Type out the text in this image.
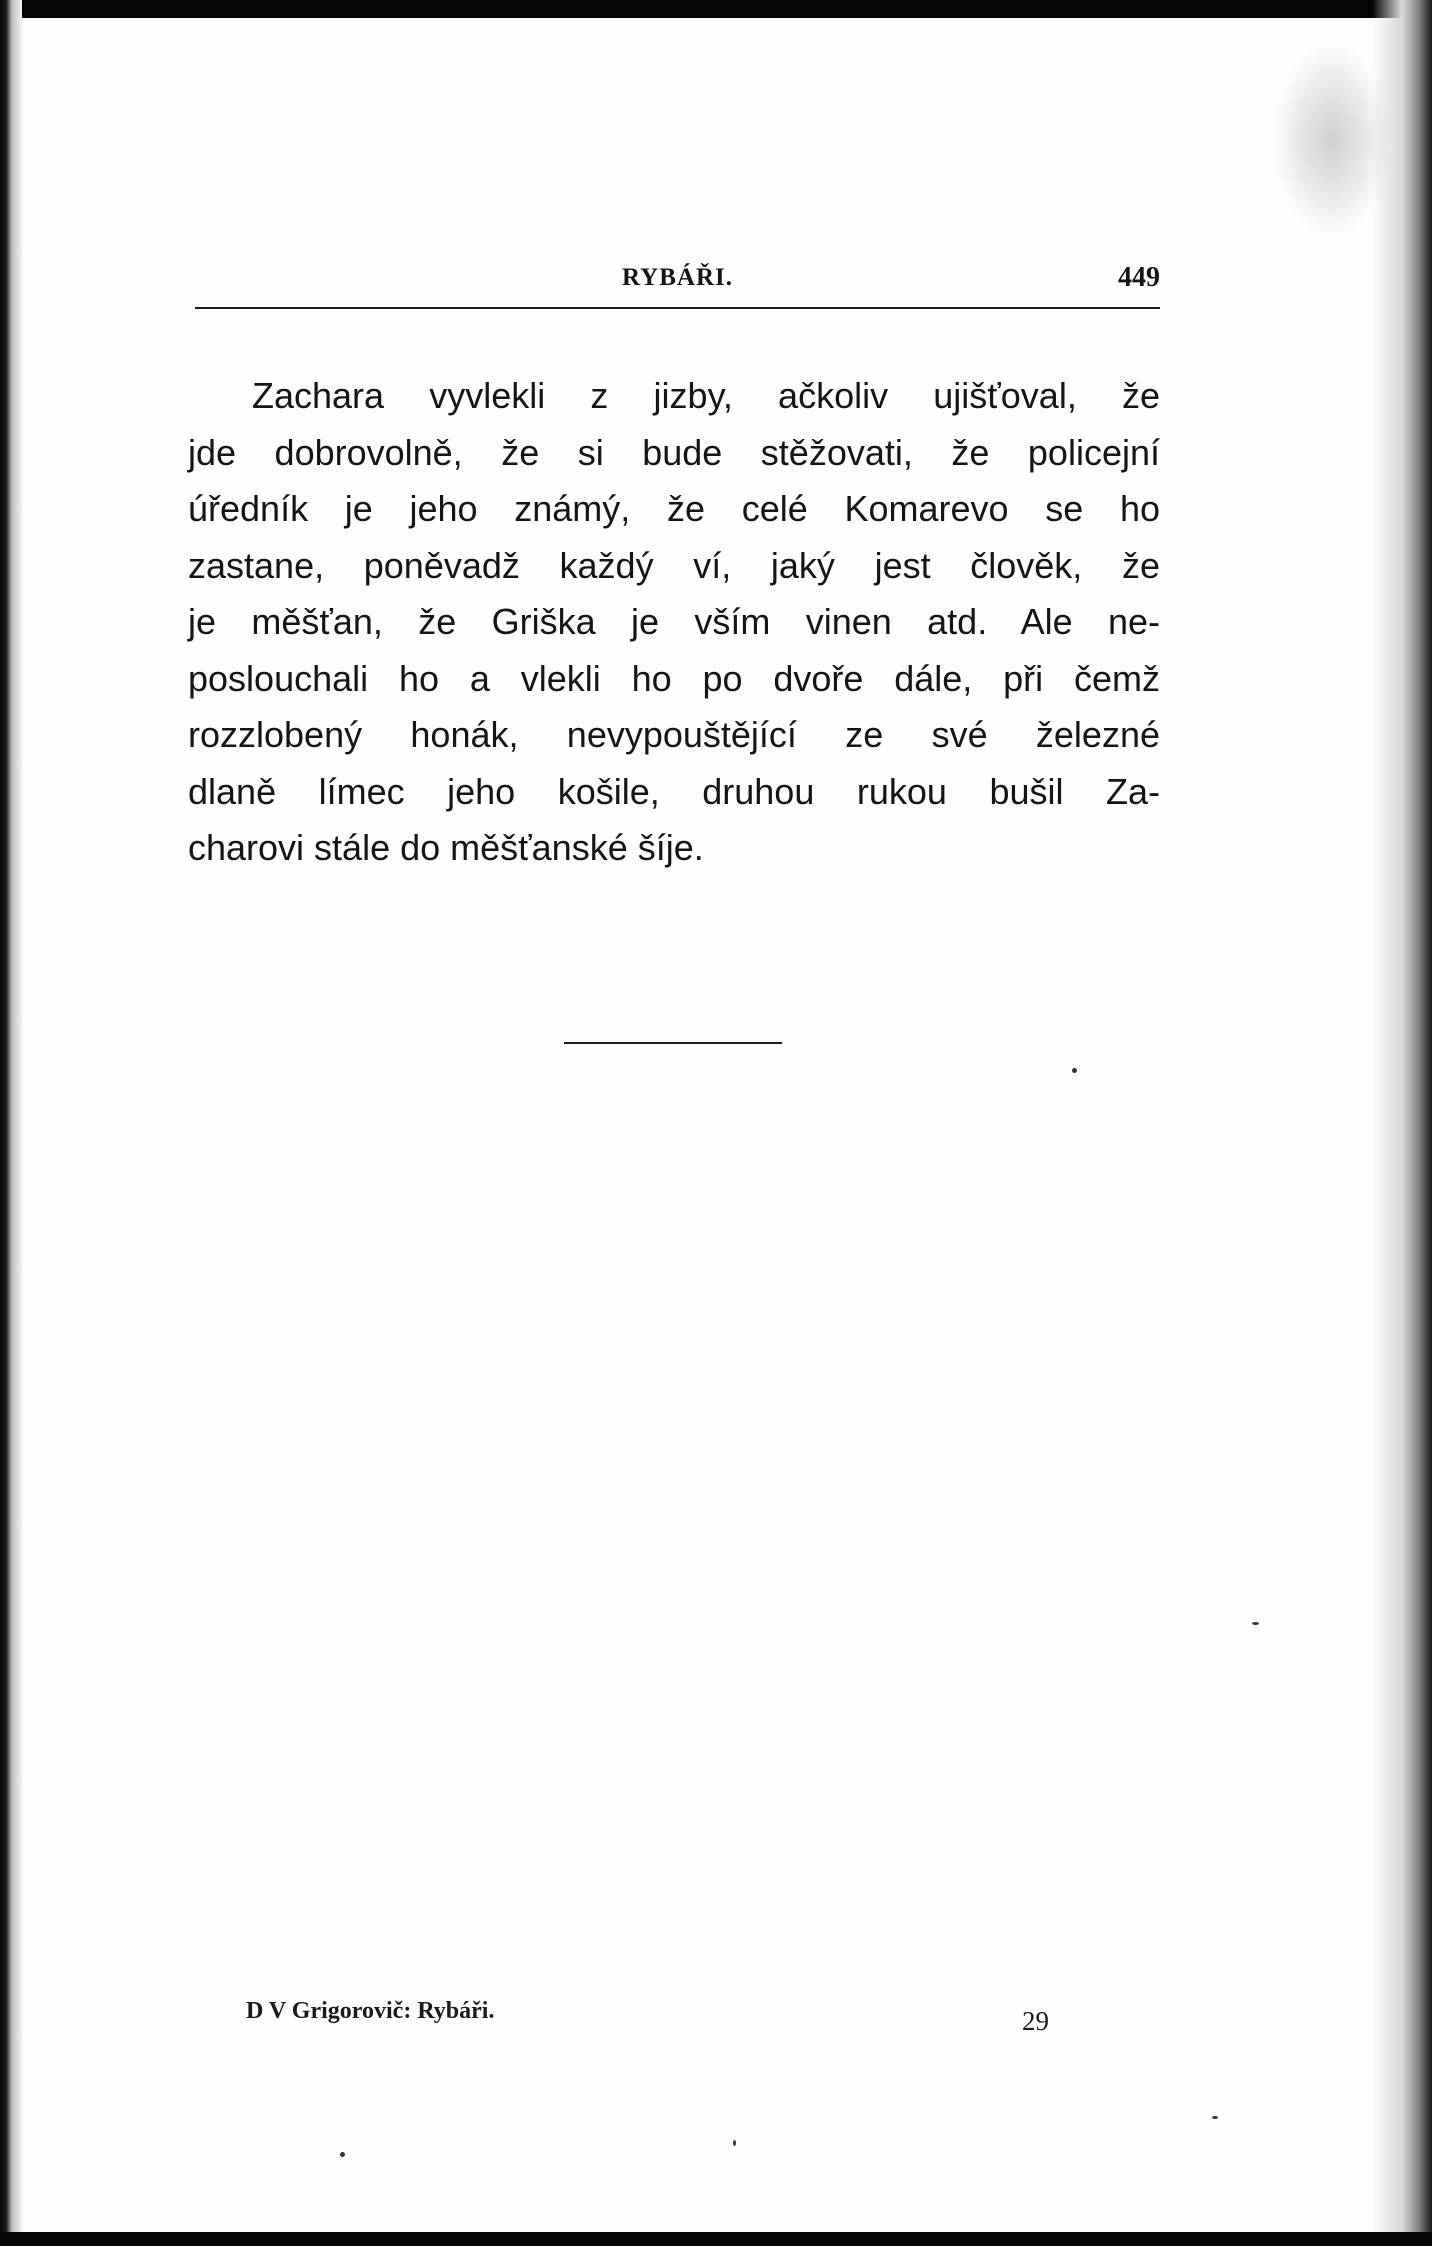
RYBÁŘI.	449
Zachara vyvlekli z jizby, ačkoliv ujišťoval, že
jde dobrovolně, že si bude stěžovati, že policejní
úředník je jeho známý, že celé Komarevo se ho
zastane, poněvadž každý ví, jaký jest člověk, že
je měšťan, že Griška je vším vinen atd. Ale ne-
poslouchali ho a vlekli ho po dvoře dále, při čemž
rozzlobený honák, nevypouštějící ze své železné
dlaně límec jeho košile, druhou rukou bušil Za-
charovi stále do měšťanské šíje.
D V Grigorovič: Rybáři.	29
